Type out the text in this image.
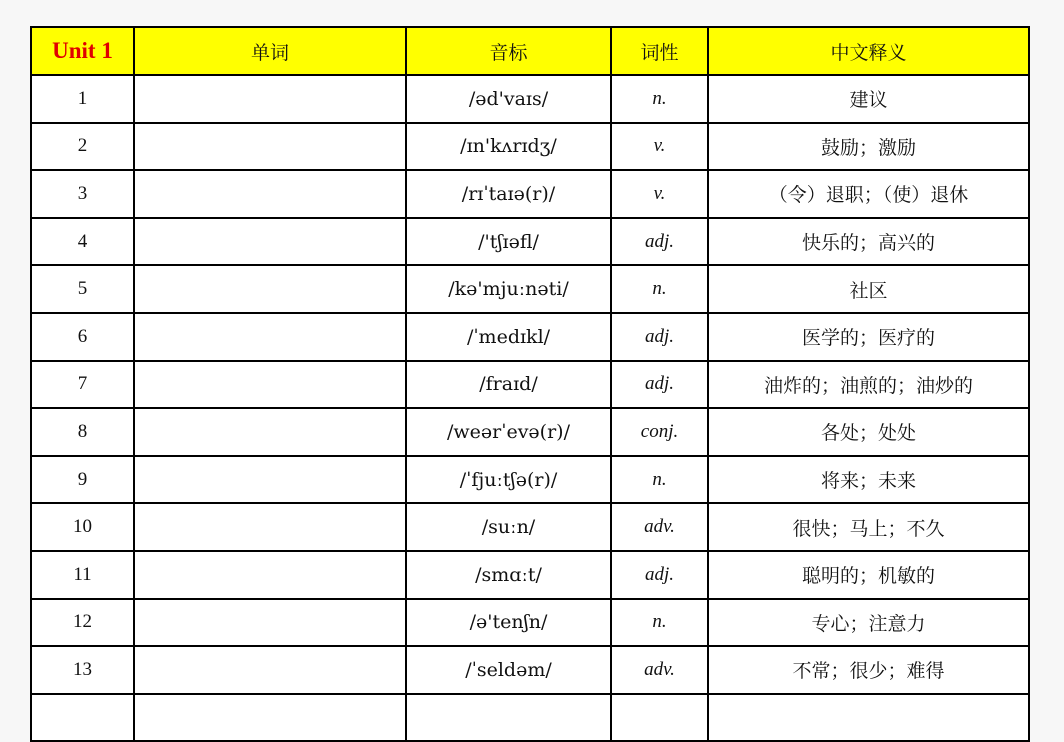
Unit 1	单词	音标	词性	中文释义
1		/əd'vaɪs/	n.	建议
2		/ɪn'kʌrɪdʒ/	v.	鼓励；激励
3		/rɪˈtaɪə(r)/	v.	（令）退职；（使）退休
4		/'tʃɪəfl/	adj.	快乐的；高兴的
5		/kə'mjuːnəti/	n.	社区
6		/ˈmedɪkl/	adj.	医学的；医疗的
7		/fraɪd/	adj.	油炸的；油煎的；油炒的
8		/weərˈevə(r)/	conj.	各处；处处
9		/ˈfjuːtʃə(r)/	n.	将来；未来
10		/suːn/	adv.	很快；马上；不久
11		/smɑːt/	adj.	聪明的；机敏的
12		/ə'tenʃn/	n.	专心；注意力
13		/ˈseldəm/	adv.	不常；很少；难得
